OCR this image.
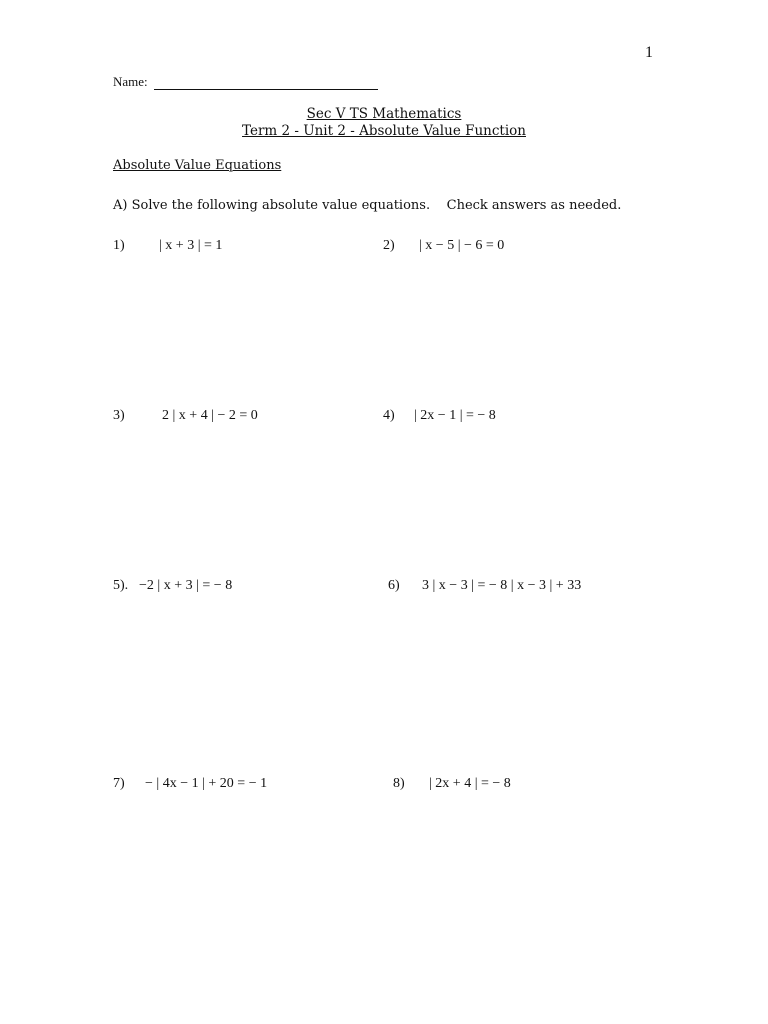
1
Name:
Sec V TS Mathematics
Term 2 - Unit 2 - Absolute Value Function
Absolute Value Equations
A) Solve the following absolute value equations.    Check answers as needed.
1)	| x + 3 | = 1	2)	| x − 5 | − 6 = 0
3)	2 | x + 4 | − 2 = 0	4)	| 2x − 1 | = − 8
5). −2 | x + 3 | = − 8	6)	3 | x − 3 | = − 8 | x − 3 | + 33
7)	− | 4x − 1 | + 20 = − 1	8)	| 2x + 4 | = − 8
